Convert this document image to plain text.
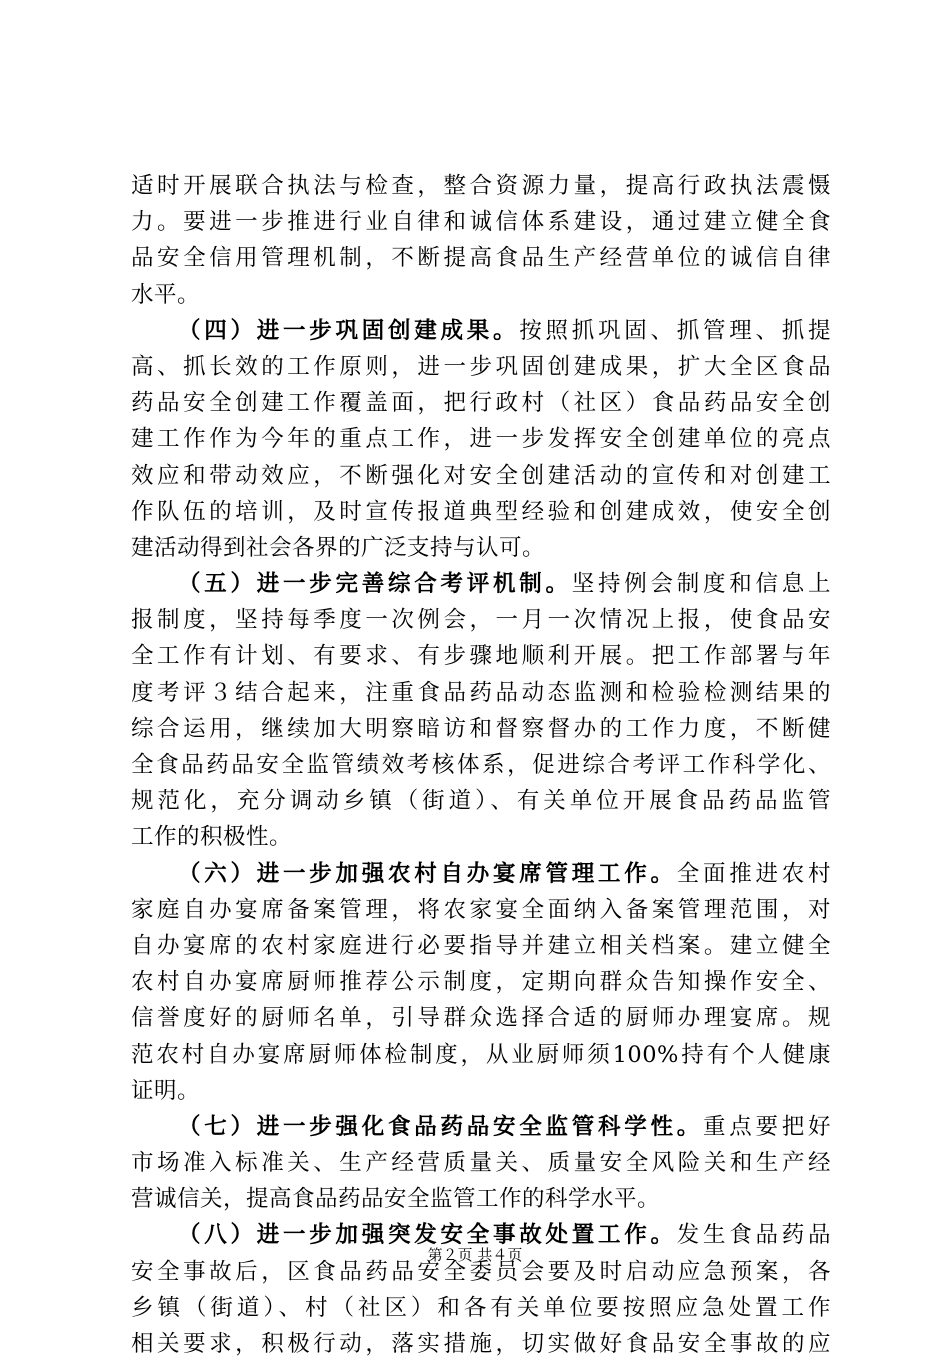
适时开展联合执法与检查，整合资源力量，提高行政执法震慑
力。要进一步推进行业自律和诚信体系建设，通过建立健全食
品安全信用管理机制，不断提高食品生产经营单位的诚信自律
水平。
（四）进一步巩固创建成果。按照抓巩固、抓管理、抓提
高、抓长效的工作原则，进一步巩固创建成果，扩大全区食品
药品安全创建工作覆盖面，把行政村（社区）食品药品安全创
建工作作为今年的重点工作，进一步发挥安全创建单位的亮点
效应和带动效应，不断强化对安全创建活动的宣传和对创建工
作队伍的培训，及时宣传报道典型经验和创建成效，使安全创
建活动得到社会各界的广泛支持与认可。
（五）进一步完善综合考评机制。坚持例会制度和信息上
报制度，坚持每季度一次例会，一月一次情况上报，使食品安
全工作有计划、有要求、有步骤地顺利开展。把工作部署与年
度考评３结合起来，注重食品药品动态监测和检验检测结果的
综合运用，继续加大明察暗访和督察督办的工作力度，不断健
全食品药品安全监管绩效考核体系，促进综合考评工作科学化、
规范化，充分调动乡镇（街道）、有关单位开展食品药品监管
工作的积极性。
（六）进一步加强农村自办宴席管理工作。全面推进农村
家庭自办宴席备案管理，将农家宴全面纳入备案管理范围，对
自办宴席的农村家庭进行必要指导并建立相关档案。建立健全
农村自办宴席厨师推荐公示制度，定期向群众告知操作安全、
信誉度好的厨师名单，引导群众选择合适的厨师办理宴席。规
范农村自办宴席厨师体检制度，从业厨师须100%持有个人健康
证明。
（七）进一步强化食品药品安全监管科学性。重点要把好
市场准入标准关、生产经营质量关、质量安全风险关和生产经
营诚信关，提高食品药品安全监管工作的科学水平。
（八）进一步加强突发安全事故处置工作。发生食品药品
安全事故后，区食品药品安全委员会要及时启动应急预案，各
乡镇（街道）、村（社区）和各有关单位要按照应急处置工作
相关要求，积极行动，落实措施，切实做好食品安全事故的应
第２页 共４页
